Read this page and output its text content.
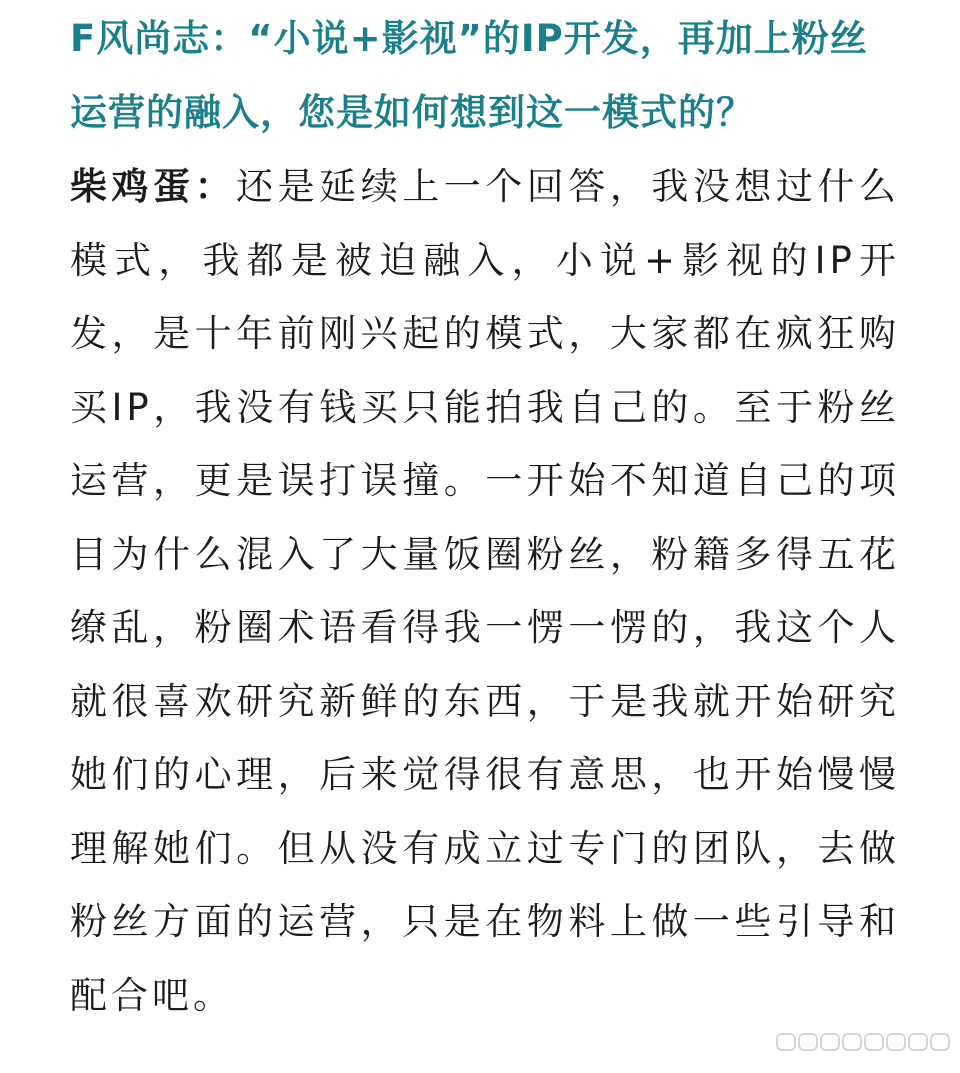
F风尚志：“小说+影视”的IP开发，再加上粉丝运营的融入，您是如何想到这一模式的？

柴鸡蛋：还是延续上一个回答，我没想过什么模式，我都是被迫融入，小说+影视的IP开发，是十年前刚兴起的模式，大家都在疯狂购买IP，我没有钱买只能拍我自己的。至于粉丝运营，更是误打误撞。一开始不知道自己的项目为什么混入了大量饭圈粉丝，粉籍多得五花缭乱，粉圈术语看得我一愣一愣的，我这个人就很喜欢研究新鲜的东西，于是我就开始研究她们的心理，后来觉得很有意思，也开始慢慢理解她们。但从没有成立过专门的团队，去做粉丝方面的运营，只是在物料上做一些引导和配合吧。
